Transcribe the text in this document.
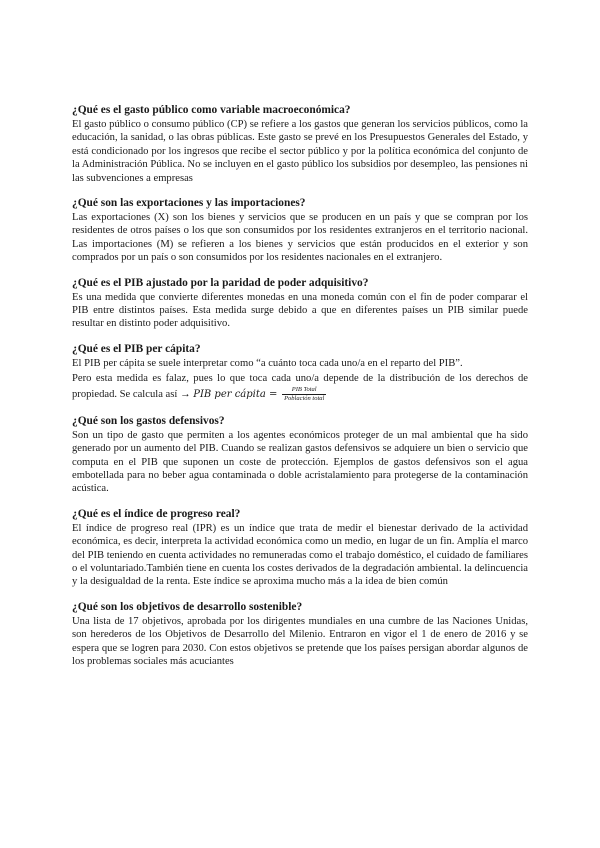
¿Qué es el gasto público como variable macroeconómica?

El gasto público o consumo público (CP) se refiere a los gastos que generan los servicios públicos, como la educación, la sanidad, o las obras públicas. Este gasto se prevé en los Presupuestos Generales del Estado, y está condicionado por los ingresos que recibe el sector público y por la política económica del conjunto de la Administración Pública. No se incluyen en el gasto público los subsidios por desempleo, las pensiones ni las subvenciones a empresas

¿Qué son las exportaciones y las importaciones?

Las exportaciones (X) son los bienes y servicios que se producen en un país y que se compran por los residentes de otros países o los que son consumidos por los residentes extranjeros en el territorio nacional. Las importaciones (M) se refieren a los bienes y servicios que están producidos en el exterior y son comprados por un país o son consumidos por los residentes nacionales en el extranjero.

¿Qué es el PIB ajustado por la paridad de poder adquisitivo?

Es una medida que convierte diferentes monedas en una moneda común con el fin de poder comparar el PIB entre distintos países. Esta medida surge debido a que en diferentes países un PIB similar puede resultar en distinto poder adquisitivo.

¿Qué es el PIB per cápita?

El PIB per cápita se suele interpretar como “a cuánto toca cada uno/a en el reparto del PIB”.

Pero esta medida es falaz, pues lo que toca cada uno/a depende de la distribución de los derechos de propiedad. Se calcula así → PIB per cápita = $\frac{\text{PIB Total}}{\text{Población total}}$

¿Qué son los gastos defensivos?

Son un tipo de gasto que permiten a los agentes económicos proteger de un mal ambiental que ha sido generado por un aumento del PIB. Cuando se realizan gastos defensivos se adquiere un bien o servicio que computa en el PIB que suponen un coste de protección. Ejemplos de gastos defensivos son el agua embotellada para no beber agua contaminada o doble acristalamiento para protegerse de la contaminación acústica.

¿Qué es el índice de progreso real?

El índice de progreso real (IPR) es un índice que trata de medir el bienestar derivado de la actividad económica, es decir, interpreta la actividad económica como un medio, en lugar de un fin. Amplía el marco del PIB teniendo en cuenta actividades no remuneradas como el trabajo doméstico, el cuidado de familiares o el voluntariado.También tiene en cuenta los costes derivados de la degradación ambiental. la delincuencia y la desigualdad de la renta. Este índice se aproxima mucho más a la idea de bien común

¿Qué son los objetivos de desarrollo sostenible?

Una lista de 17 objetivos, aprobada por los dirigentes mundiales en una cumbre de las Naciones Unidas, son herederos de los Objetivos de Desarrollo del Milenio. Entraron en vigor el 1 de enero de 2016 y se espera que se logren para 2030. Con estos objetivos se pretende que los países persigan abordar algunos de los problemas sociales más acuciantes
